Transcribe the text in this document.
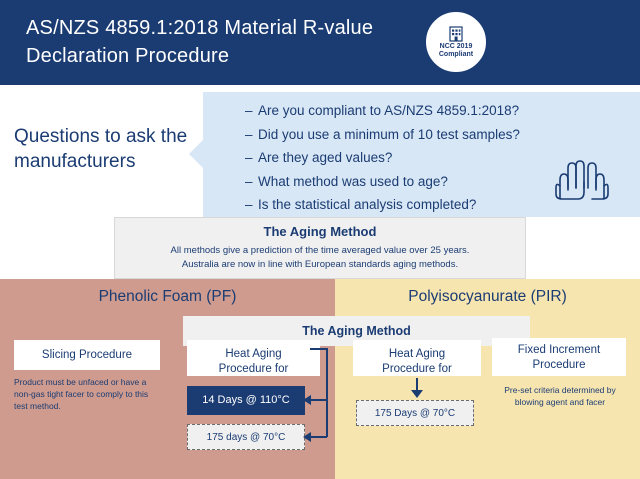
AS/NZS 4859.1:2018 Material R-value Declaration Procedure	NCC 2019
Compliant
Questions to ask the manufacturers
– Are you compliant to AS/NZS 4859.1:2018?
– Did you use a minimum of 10 test samples?
– Are they aged values?
– What method was used to age?
– Is the statistical analysis completed?
The Aging Method
All methods give a prediction of the time averaged value over 25 years.
Australia are now in line with European standards aging methods.
Phenolic Foam (PF)	Polyisocyanurate (PIR)
The Aging Method
Slicing Procedure
Product must be unfaced or have a non-gas tight facer to comply to this test method.
Heat Aging
Procedure for
14 Days @ 110°C
175 days @ 70°C
Heat Aging
Procedure for
175 Days @ 70°C
Fixed Increment
Procedure
Pre-set criteria determined by blowing agent and facer
